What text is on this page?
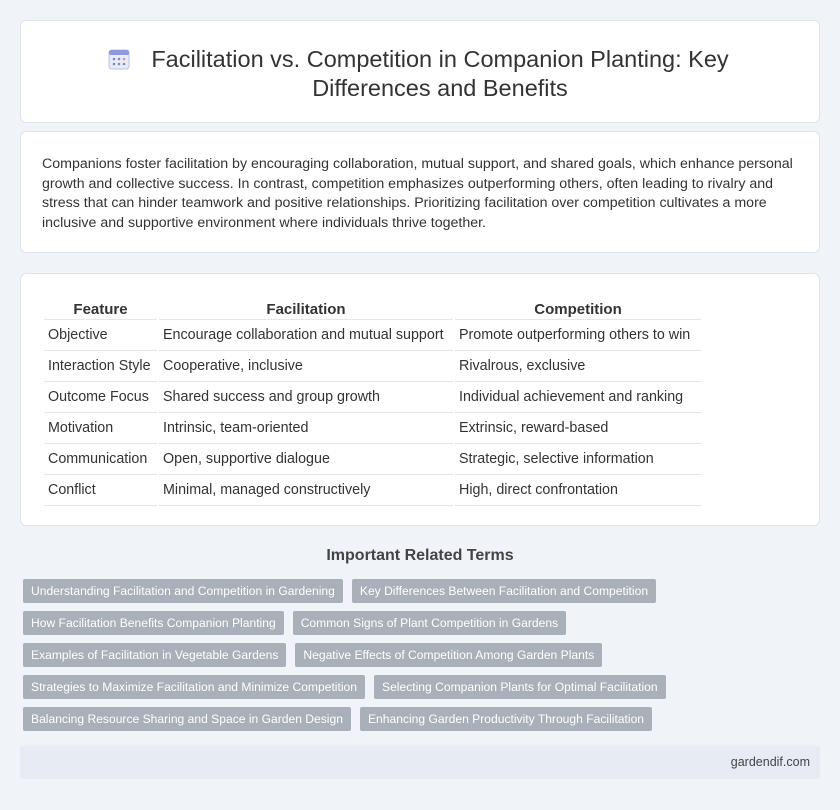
Facilitation vs. Competition in Companion Planting: Key Differences and Benefits

Companions foster facilitation by encouraging collaboration, mutual support, and shared goals, which enhance personal growth and collective success. In contrast, competition emphasizes outperforming others, often leading to rivalry and stress that can hinder teamwork and positive relationships. Prioritizing facilitation over competition cultivates a more inclusive and supportive environment where individuals thrive together.

Feature	Facilitation	Competition
Objective	Encourage collaboration and mutual support	Promote outperforming others to win
Interaction Style	Cooperative, inclusive	Rivalrous, exclusive
Outcome Focus	Shared success and group growth	Individual achievement and ranking
Motivation	Intrinsic, team-oriented	Extrinsic, reward-based
Communication	Open, supportive dialogue	Strategic, selective information
Conflict	Minimal, managed constructively	High, direct confrontation
Important Related Terms
Understanding Facilitation and Competition in Gardening	Key Differences Between Facilitation and Competition
How Facilitation Benefits Companion Planting	Common Signs of Plant Competition in Gardens
Examples of Facilitation in Vegetable Gardens	Negative Effects of Competition Among Garden Plants
Strategies to Maximize Facilitation and Minimize Competition	Selecting Companion Plants for Optimal Facilitation
Balancing Resource Sharing and Space in Garden Design	Enhancing Garden Productivity Through Facilitation
gardendif.com
